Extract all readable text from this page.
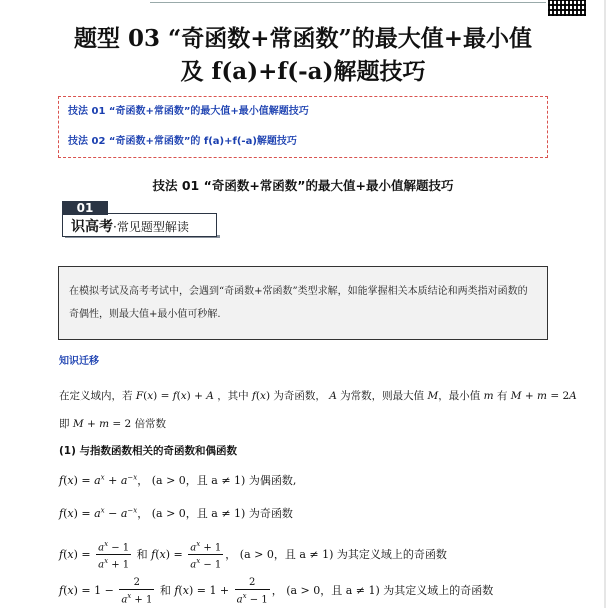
题型 03 “奇函数+常函数”的最大值+最小值
及 f(a)+f(-a)解题技巧
技法 01 “奇函数+常函数”的最大值+最小值解题技巧
技法 02 “奇函数+常函数”的 f(a)+f(-a)解题技巧
技法 01 “奇函数+常函数”的最大值+最小值解题技巧
01
识高考·常见题型解读
在模拟考试及高考考试中，会遇到“奇函数+常函数”类型求解，如能掌握相关本质结论和两类指对函数的奇偶性，则最大值+最小值可秒解.
知识迁移
在定义域内，若 F(x) = f(x) + A ，其中 f(x) 为奇函数， A 为常数，则最大值 M，最小值 m 有 M + m = 2A
即 M + m = 2 倍常数
(1) 与指数函数相关的奇函数和偶函数
$f(x) = a^x + a^{-x}$， (a > 0，且 a ≠ 1) 为偶函数,
$f(x) = a^x - a^{-x}$， (a > 0，且 a ≠ 1) 为奇函数
$f(x) = \frac{a^x - 1}{a^x + 1}$ 和 $f(x) = \frac{a^x + 1}{a^x - 1}$ ， (a > 0，且 a ≠ 1) 为其定义域上的奇函数
$f(x) = 1 - \frac{2}{a^x + 1}$ 和 $f(x) = 1 + \frac{2}{a^x - 1}$ ， (a > 0，且 a ≠ 1) 为其定义域上的奇函数
